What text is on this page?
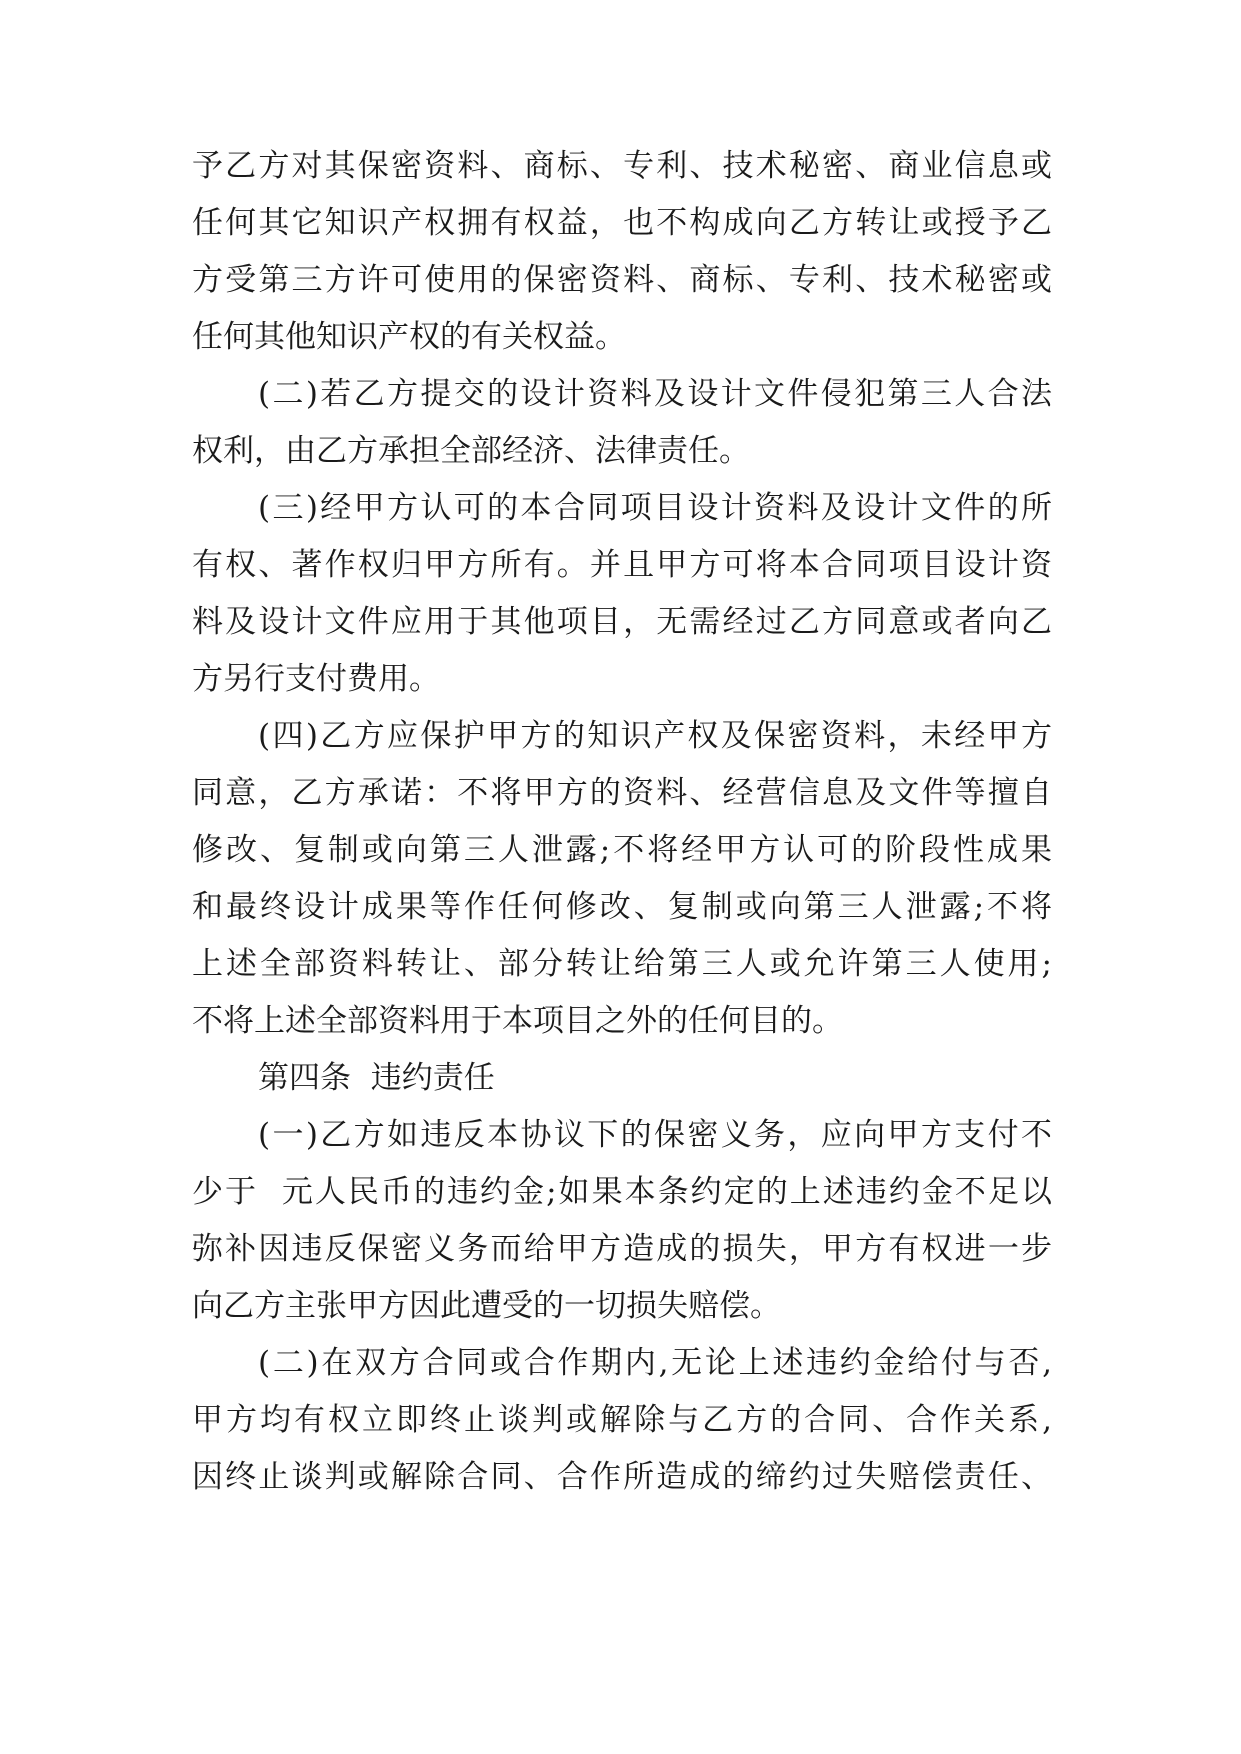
予乙方对其保密资料、商标、专利、技术秘密、商业信息或
任何其它知识产权拥有权益，也不构成向乙方转让或授予乙
方受第三方许可使用的保密资料、商标、专利、技术秘密或
任何其他知识产权的有关权益。
(二)若乙方提交的设计资料及设计文件侵犯第三人合法
权利，由乙方承担全部经济、法律责任。
(三)经甲方认可的本合同项目设计资料及设计文件的所
有权、著作权归甲方所有。并且甲方可将本合同项目设计资
料及设计文件应用于其他项目，无需经过乙方同意或者向乙
方另行支付费用。
(四)乙方应保护甲方的知识产权及保密资料，未经甲方
同意，乙方承诺：不将甲方的资料、经营信息及文件等擅自
修改、复制或向第三人泄露;不将经甲方认可的阶段性成果
和最终设计成果等作任何修改、复制或向第三人泄露;不将
上述全部资料转让、部分转让给第三人或允许第三人使用;
不将上述全部资料用于本项目之外的任何目的。
第四条  违约责任
(一)乙方如违反本协议下的保密义务，应向甲方支付不
少于  元人民币的违约金;如果本条约定的上述违约金不足以
弥补因违反保密义务而给甲方造成的损失，甲方有权进一步
向乙方主张甲方因此遭受的一切损失赔偿。
(二)在双方合同或合作期内,无论上述违约金给付与否,
甲方均有权立即终止谈判或解除与乙方的合同、合作关系,
因终止谈判或解除合同、合作所造成的缔约过失赔偿责任、
